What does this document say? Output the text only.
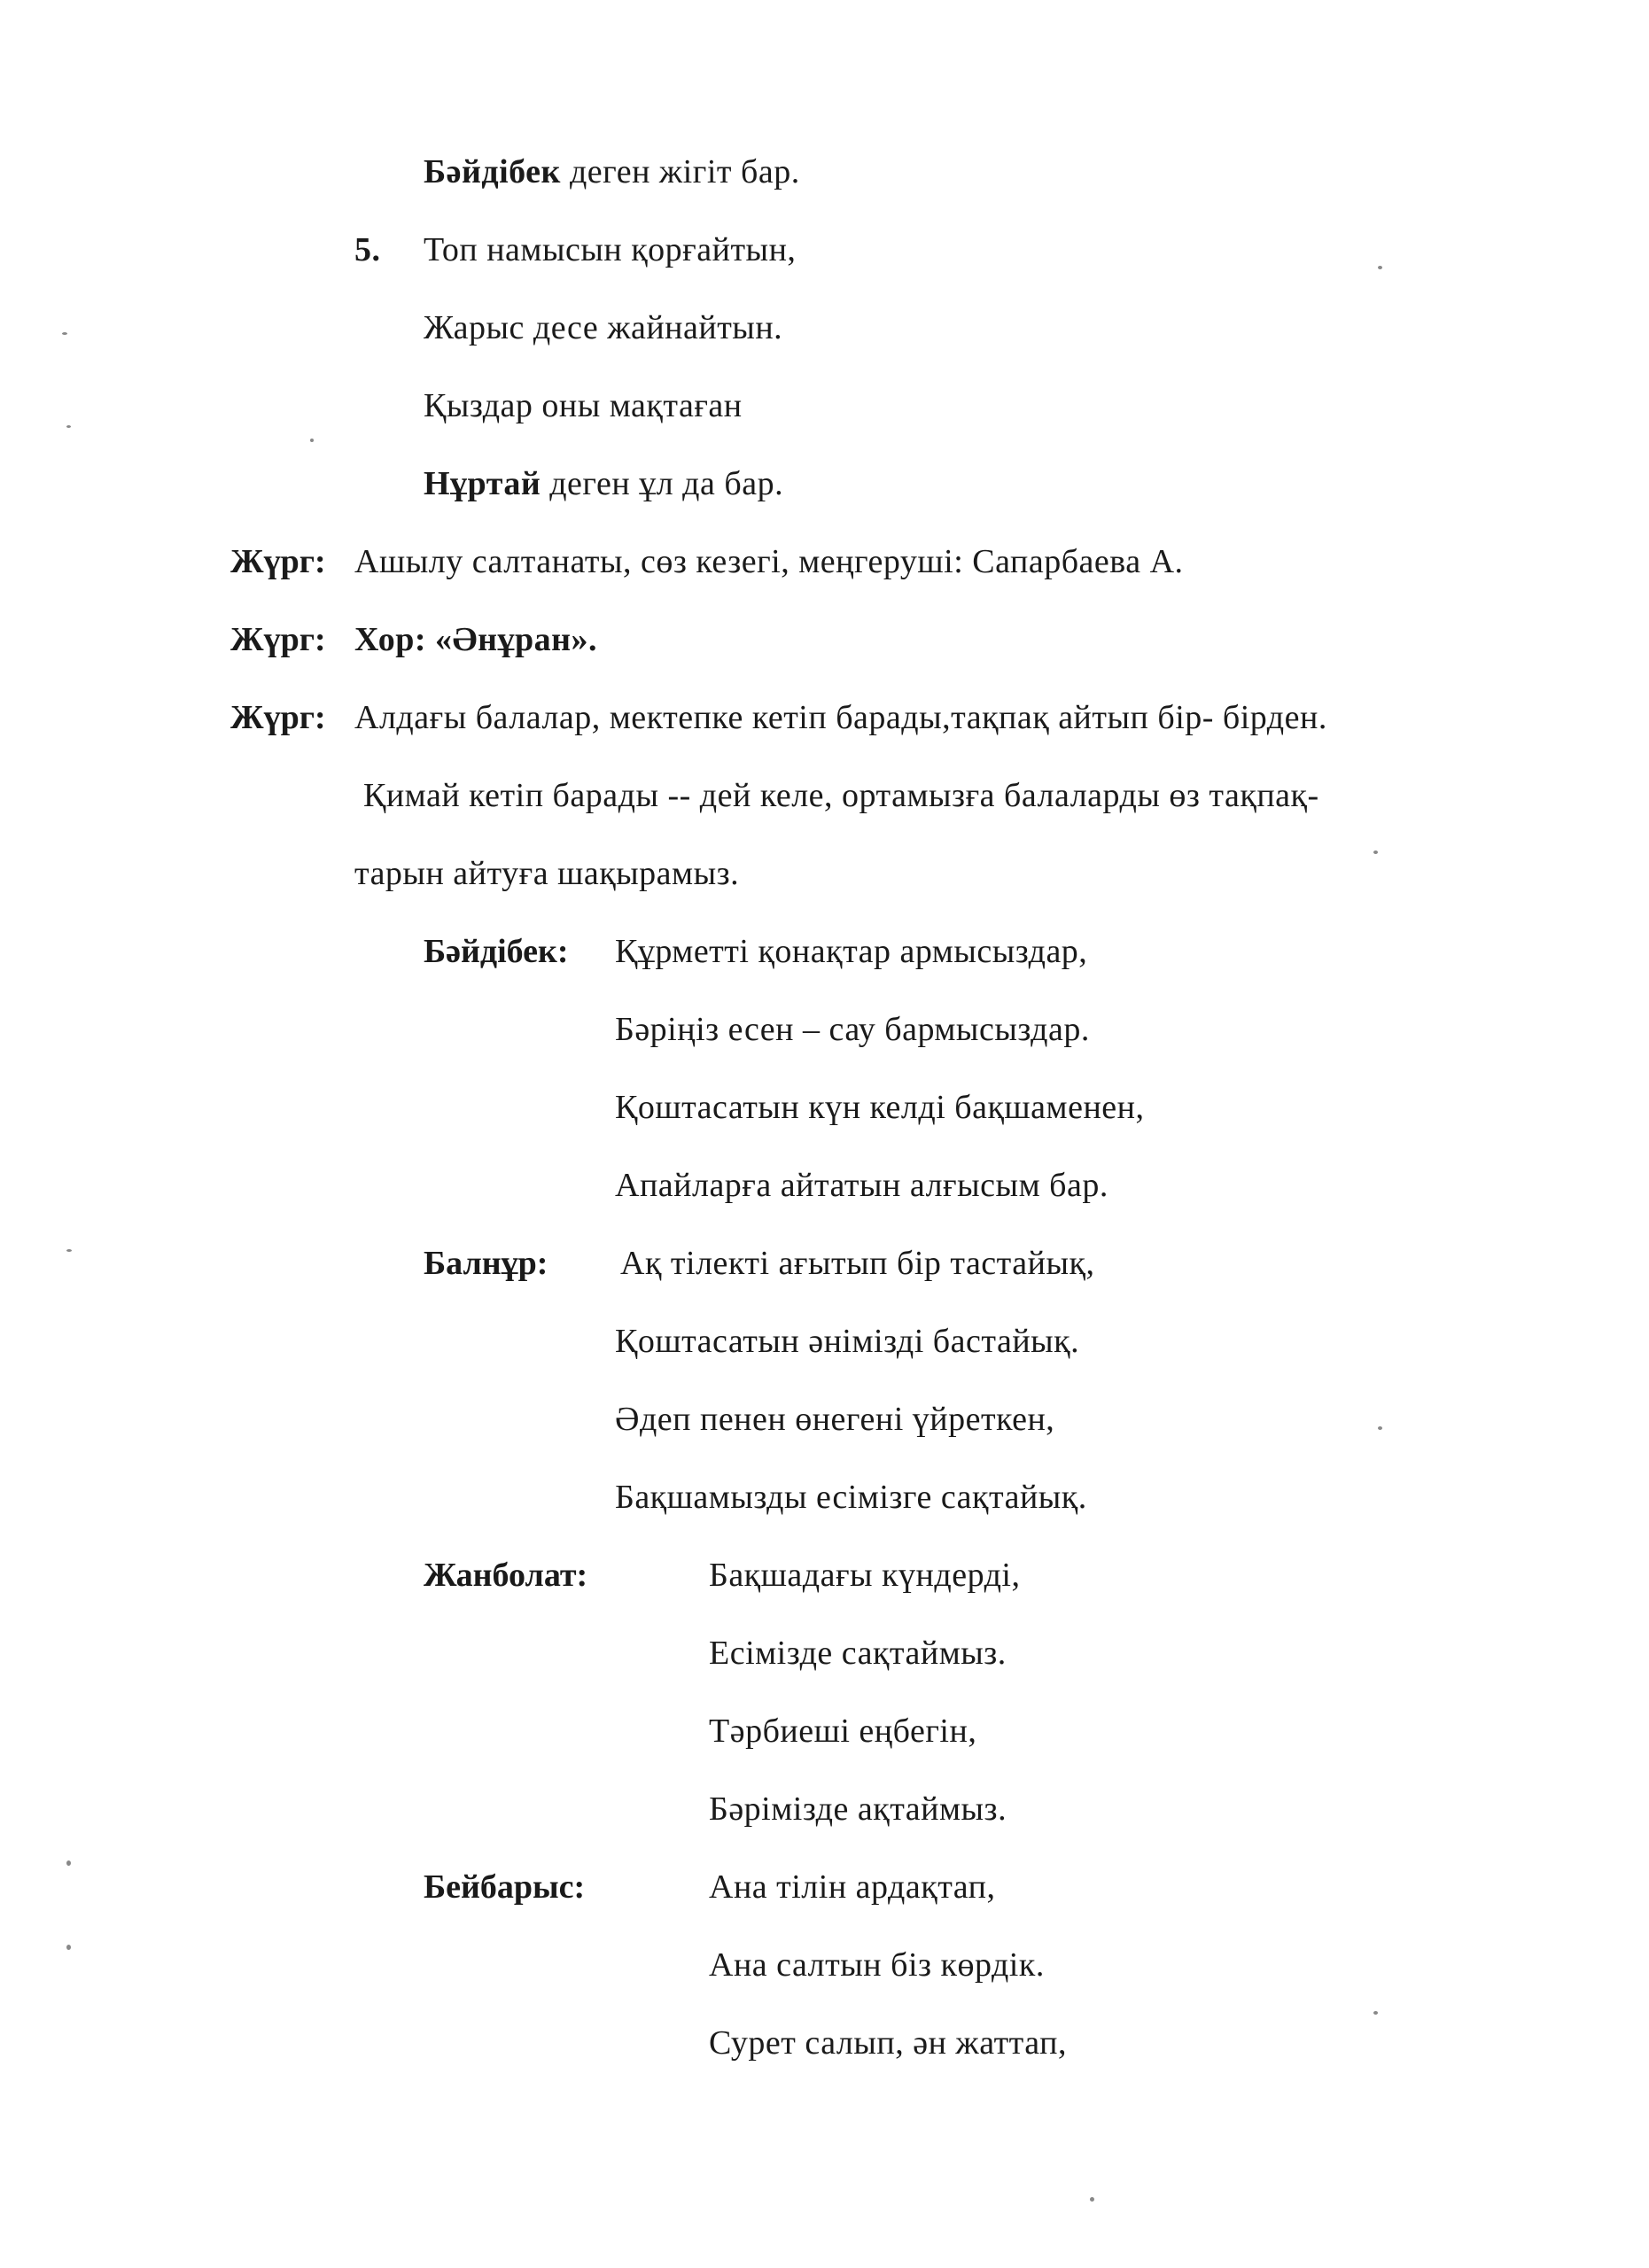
Бәйдібек деген жігіт бар.
5. Топ намысын қорғайтын,
Жарыс десе жайнайтын.
Қыздар оны мақтаған
Нұртай деген ұл да бар.
Жүрг: Ашылу салтанаты, сөз кезегі, меңгеруші: Сапарбаева А.
Жүрг: Хор: «Әнұран».
Жүрг: Алдағы балалар, мектепке кетіп барады,тақпақ айтып бір- бірден.
Қимай кетіп барады -- дей келе, ортамызға балаларды өз тақпақ-
тарын айтуға шақырамыз.
Бәйдібек: Құрметті қонақтар армысыздар,
Бәріңіз есен – сау бармысыздар.
Қоштасатын күн келді бақшаменен,
Апайларға айтатын алғысым бар.
Балнұр: Ақ тілекті ағытып бір тастайық,
Қоштасатын әнімізді бастайық.
Әдеп пенен өнегені үйреткен,
Бақшамызды есімізге сақтайық.
Жанболат:	Бақшадағы күндерді,
Есімізде сақтаймыз.
Тәрбиеші еңбегін,
Бәрімізде ақтаймыз.
Бейбарыс:	Ана тілін ардақтап,
Ана салтын біз көрдік.
Сурет салып, ән жаттап,
